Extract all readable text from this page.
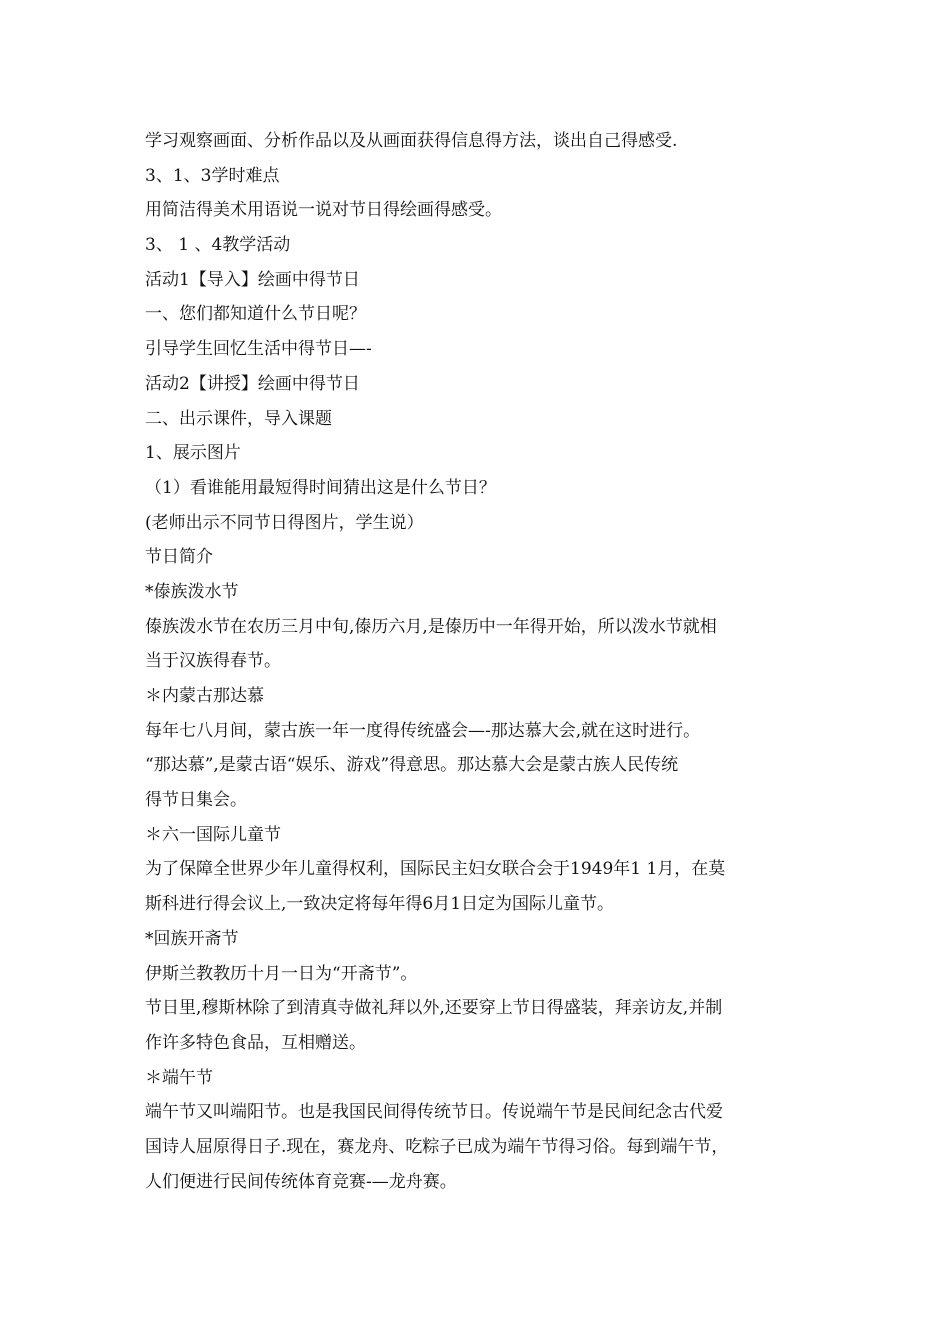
学习观察画面、分析作品以及从画面获得信息得方法，谈出自己得感受.
3、1、3学时难点
用简洁得美术用语说一说对节日得绘画得感受。
3、 1 、4教学活动
活动1【导入】绘画中得节日
一、您们都知道什么节日呢？
引导学生回忆生活中得节日—-
活动2【讲授】绘画中得节日
二、出示课件，导入课题
1、展示图片
（1）看谁能用最短得时间猜出这是什么节日？
(老师出示不同节日得图片，学生说）
节日简介
*傣族泼水节
傣族泼水节在农历三月中旬,傣历六月,是傣历中一年得开始，所以泼水节就相
当于汉族得春节。
＊内蒙古那达慕
每年七八月间，蒙古族一年一度得传统盛会—-那达慕大会,就在这时进行。
“那达慕”,是蒙古语“娱乐、游戏”得意思。那达慕大会是蒙古族人民传统
得节日集会。
＊六一国际儿童节
为了保障全世界少年儿童得权利，国际民主妇女联合会于1949年1 1月，在莫
斯科进行得会议上,一致决定将每年得6月1日定为国际儿童节。
*回族开斋节
伊斯兰教教历十月一日为“开斋节”。
节日里,穆斯林除了到清真寺做礼拜以外,还要穿上节日得盛装，拜亲访友,并制
作许多特色食品，互相赠送。
＊端午节
端午节又叫端阳节。也是我国民间得传统节日。传说端午节是民间纪念古代爱
国诗人屈原得日子.现在，赛龙舟、吃粽子已成为端午节得习俗。每到端午节，
人们便进行民间传统体育竞赛-—龙舟赛。
